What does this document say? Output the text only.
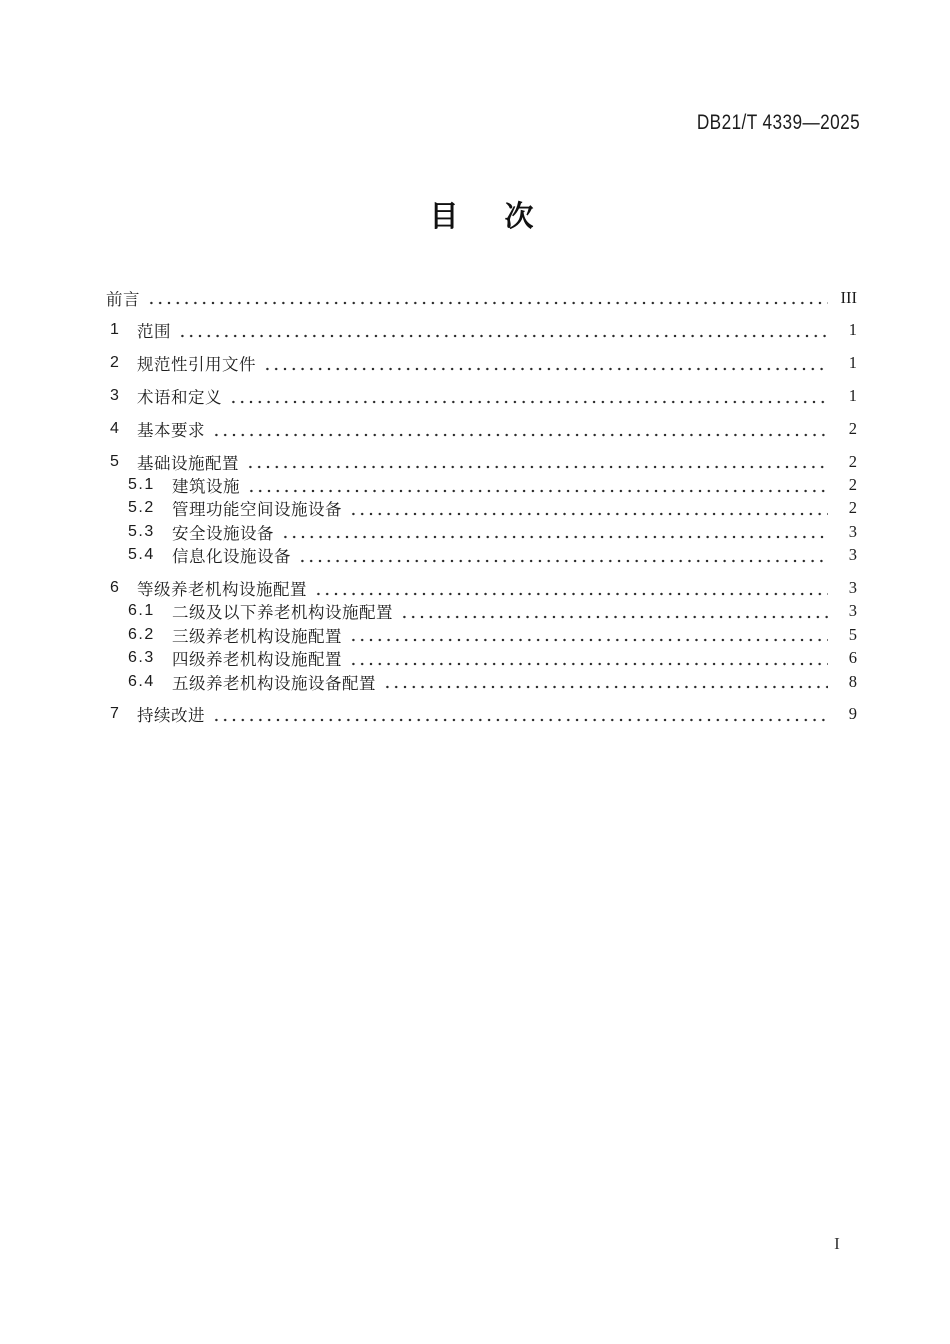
DB21/T 4339—2025
目 次
前言	III
1	范围	1
2	规范性引用文件	1
3	术语和定义	1
4	基本要求	2
5	基础设施配置	2
5.1	建筑设施	2
5.2	管理功能空间设施设备	2
5.3	安全设施设备	3
5.4	信息化设施设备	3
6	等级养老机构设施配置	3
6.1	二级及以下养老机构设施配置	3
6.2	三级养老机构设施配置	5
6.3	四级养老机构设施配置	6
6.4	五级养老机构设施设备配置	8
7	持续改进	9
I
